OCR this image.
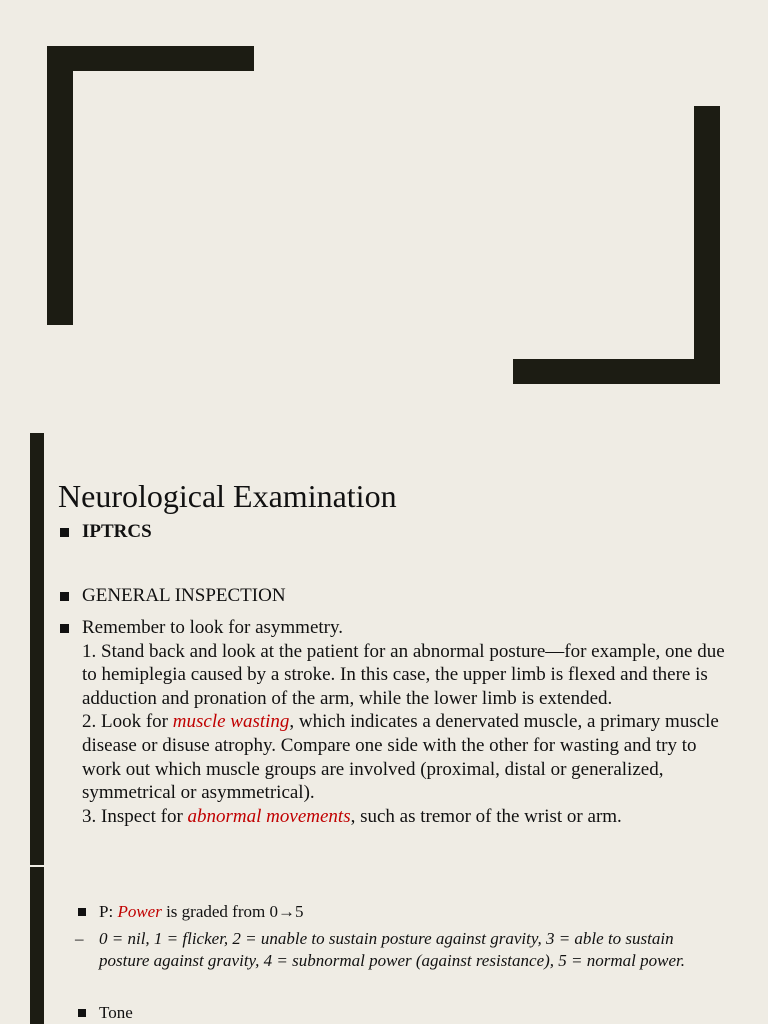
Neurological Examination
IPTRCS
GENERAL INSPECTION
Remember to look for asymmetry.
1. Stand back and look at the patient for an abnormal posture—for example, one due to hemiplegia caused by a stroke. In this case, the upper limb is flexed and there is adduction and pronation of the arm, while the lower limb is extended.
2. Look for muscle wasting, which indicates a denervated muscle, a primary muscle disease or disuse atrophy. Compare one side with the other for wasting and try to work out which muscle groups are involved (proximal, distal or generalized, symmetrical or asymmetrical).
3. Inspect for abnormal movements, such as tremor of the wrist or arm.
P: Power is graded from 0→5
– 0 = nil, 1 = flicker, 2 = unable to sustain posture against gravity, 3 = able to sustain posture against gravity, 4 = subnormal power (against resistance), 5 = normal power.
Tone
